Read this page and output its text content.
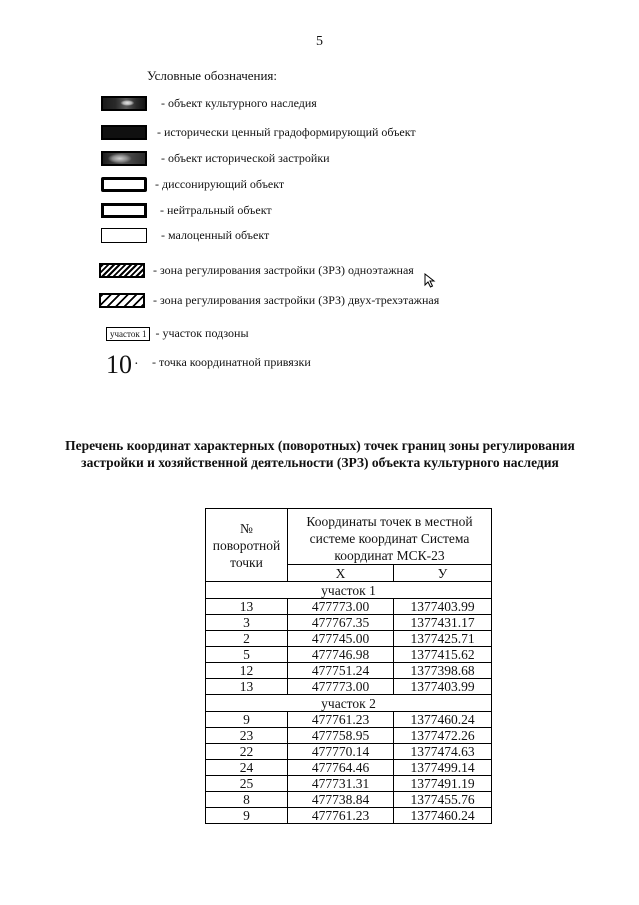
5
Условные обозначения:
- объект культурного наследия
- исторически ценный градоформирующий объект
- объект исторической застройки
- диссонирующий объект
- нейтральный объект
- малоценный объект
- зона регулирования застройки (ЗРЗ) одноэтажная
- зона регулирования застройки (ЗРЗ) двух-трехэтажная
участок 1 - участок подзоны
10 ·	- точка координатной привязки
Перечень координат характерных (поворотных) точек границ зоны регулирования застройки и хозяйственной деятельности (ЗРЗ) объекта культурного наследия
№ поворотной точки	Координаты точек в местной системе координат Система координат МСК-23	
	X	У
участок 1		
13	477773.00	1377403.99
3	477767.35	1377431.17
2	477745.00	1377425.71
5	477746.98	1377415.62
12	477751.24	1377398.68
13	477773.00	1377403.99
участок 2		
9	477761.23	1377460.24
23	477758.95	1377472.26
22	477770.14	1377474.63
24	477764.46	1377499.14
25	477731.31	1377491.19
8	477738.84	1377455.76
9	477761.23	1377460.24
